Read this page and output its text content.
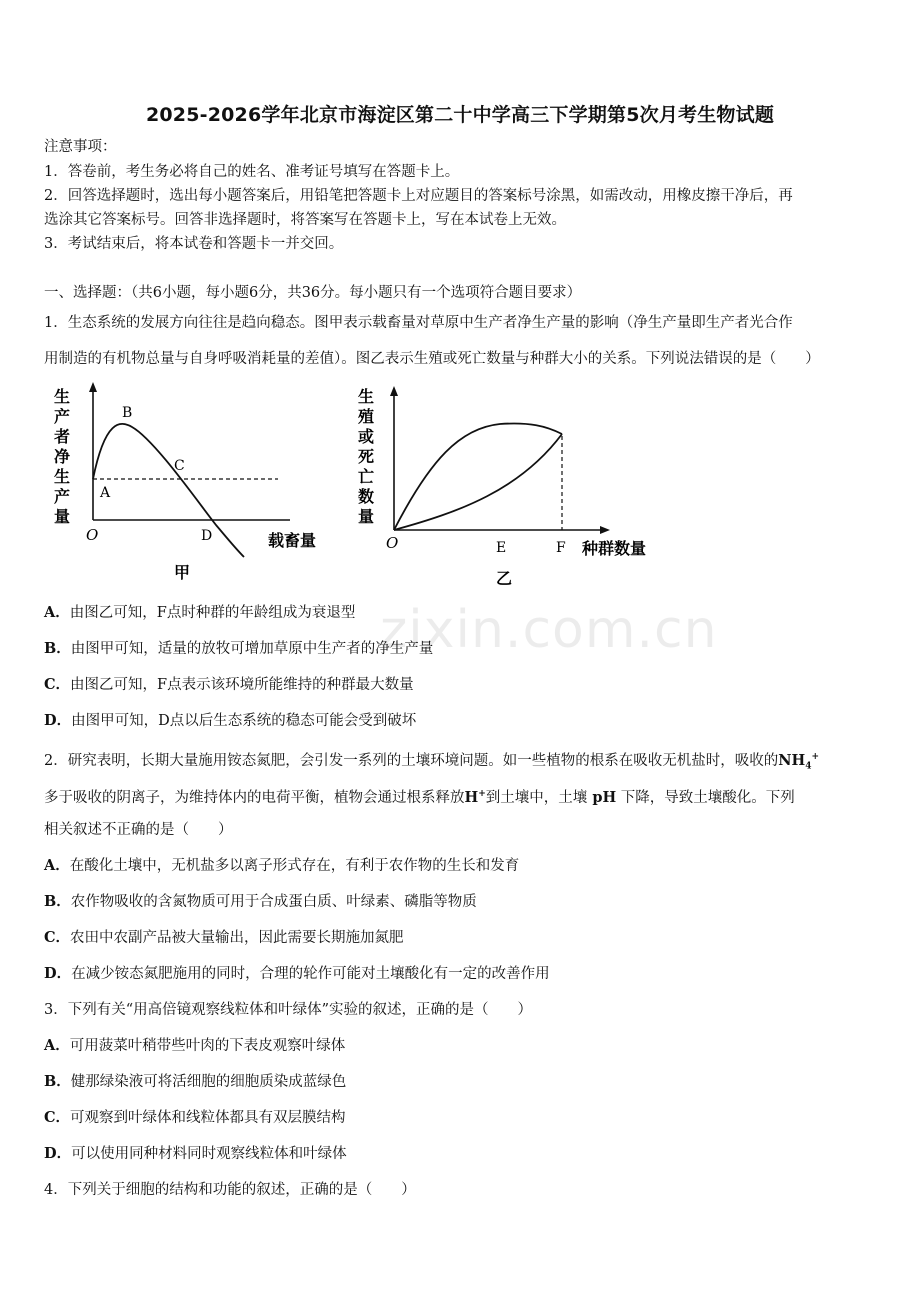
2025-2026学年北京市海淀区第二十中学高三下学期第5次月考生物试题
注意事项：
1．答卷前，考生务必将自己的姓名、准考证号填写在答题卡上。
2．回答选择题时，选出每小题答案后，用铅笔把答题卡上对应题目的答案标号涂黑，如需改动，用橡皮擦干净后，再
选涂其它答案标号。回答非选择题时，将答案写在答题卡上，写在本试卷上无效。
3．考试结束后，将本试卷和答题卡一并交回。
一、选择题：（共6小题，每小题6分，共36分。每小题只有一个选项符合题目要求）
1．生态系统的发展方向往往是趋向稳态。图甲表示载畜量对草原中生产者净生产量的影响（净生产量即生产者光合作
用制造的有机物总量与自身呼吸消耗量的差值）。图乙表示生殖或死亡数量与种群大小的关系。下列说法错误的是（　　）
生
产
者
净
生
产
量
O
A
B
C
D	载畜量
甲
生
殖
或
死
亡
数
量
O	E	F 种群数量
乙
A．由图乙可知，F点时种群的年龄组成为衰退型
B．由图甲可知，适量的放牧可增加草原中生产者的净生产量
C．由图乙可知，F点表示该环境所能维持的种群最大数量
D．由图甲可知，D点以后生态系统的稳态可能会受到破坏
2．研究表明，长期大量施用铵态氮肥，会引发一系列的土壤环境问题。如一些植物的根系在吸收无机盐时，吸收的$NH_4^+$
多于吸收的阴离子，为维持体内的电荷平衡，植物会通过根系释放H+到土壤中，土壤 pH 下降，导致土壤酸化。下列
相关叙述不正确的是（　　）
A．在酸化土壤中，无机盐多以离子形式存在，有利于农作物的生长和发育
B．农作物吸收的含氮物质可用于合成蛋白质、叶绿素、磷脂等物质
C．农田中农副产品被大量输出，因此需要长期施加氮肥
D．在减少铵态氮肥施用的同时，合理的轮作可能对土壤酸化有一定的改善作用
3．下列有关“用高倍镜观察线粒体和叶绿体”实验的叙述，正确的是（　　）
A．可用菠菜叶稍带些叶肉的下表皮观察叶绿体
B．健那绿染液可将活细胞的细胞质染成蓝绿色
C．可观察到叶绿体和线粒体都具有双层膜结构
D．可以使用同种材料同时观察线粒体和叶绿体
4．下列关于细胞的结构和功能的叙述，正确的是（　　）
zixin.com.cn
